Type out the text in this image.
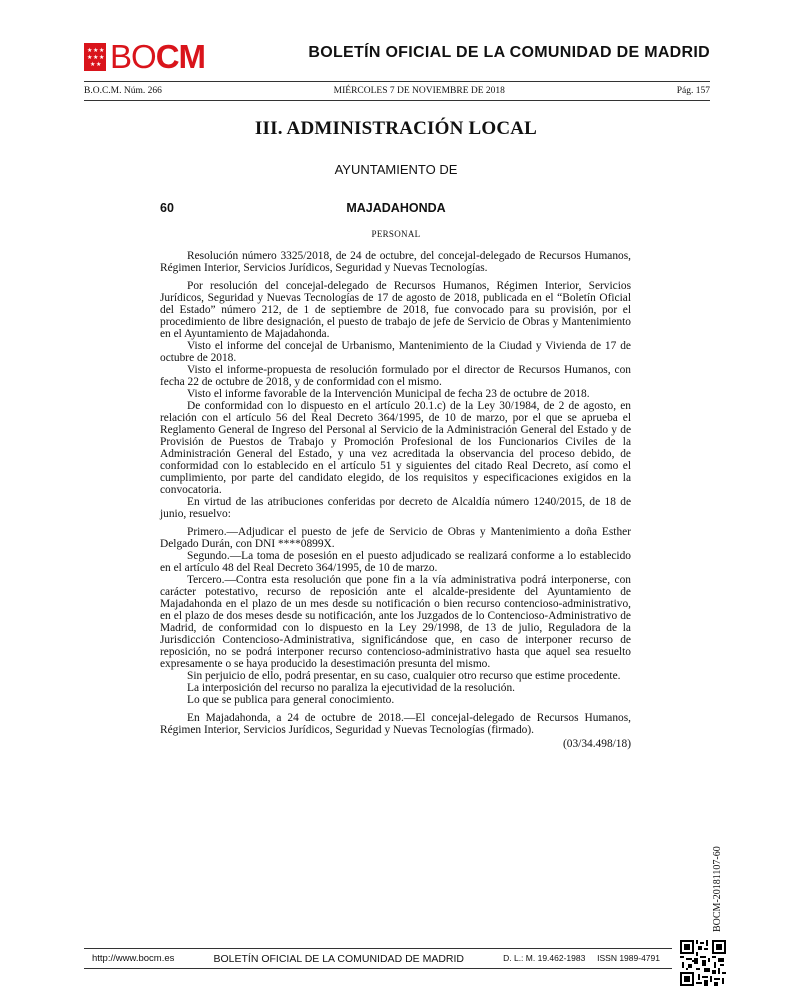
★ ★ ★
★ ★ ★
★ ★ BOCM	BOLETÍN OFICIAL DE LA COMUNIDAD DE MADRID
B.O.C.M. Núm. 266	MIÉRCOLES 7 DE NOVIEMBRE DE 2018	Pág. 157
III. ADMINISTRACIÓN LOCAL
AYUNTAMIENTO DE
60	MAJADAHONDA
PERSONAL

Resolución número 3325/2018, de 24 de octubre, del concejal-delegado de Recursos Humanos, Régimen Interior, Servicios Jurídicos, Seguridad y Nuevas Tecnologías.

Por resolución del concejal-delegado de Recursos Humanos, Régimen Interior, Servicios Jurídicos, Seguridad y Nuevas Tecnologías de 17 de agosto de 2018, publicada en el “Boletín Oficial del Estado” número 212, de 1 de septiembre de 2018, fue convocado para su provisión, por el procedimiento de libre designación, el puesto de trabajo de jefe de Servicio de Obras y Mantenimiento en el Ayuntamiento de Majadahonda.

Visto el informe del concejal de Urbanismo, Mantenimiento de la Ciudad y Vivienda de 17 de octubre de 2018.

Visto el informe-propuesta de resolución formulado por el director de Recursos Humanos, con fecha 22 de octubre de 2018, y de conformidad con el mismo.

Visto el informe favorable de la Intervención Municipal de fecha 23 de octubre de 2018.

De conformidad con lo dispuesto en el artículo 20.1.c) de la Ley 30/1984, de 2 de agosto, en relación con el artículo 56 del Real Decreto 364/1995, de 10 de marzo, por el que se aprueba el Reglamento General de Ingreso del Personal al Servicio de la Administración General del Estado y de Provisión de Puestos de Trabajo y Promoción Profesional de los Funcionarios Civiles de la Administración General del Estado, y una vez acreditada la observancia del proceso debido, de conformidad con lo establecido en el artículo 51 y siguientes del citado Real Decreto, así como el cumplimiento, por parte del candidato elegido, de los requisitos y especificaciones exigidos en la convocatoria.

En virtud de las atribuciones conferidas por decreto de Alcaldía número 1240/2015, de 18 de junio, resuelvo:

Primero.—Adjudicar el puesto de jefe de Servicio de Obras y Mantenimiento a doña Esther Delgado Durán, con DNI ****0899X.

Segundo.—La toma de posesión en el puesto adjudicado se realizará conforme a lo establecido en el artículo 48 del Real Decreto 364/1995, de 10 de marzo.

Tercero.—Contra esta resolución que pone fin a la vía administrativa podrá interponerse, con carácter potestativo, recurso de reposición ante el alcalde-presidente del Ayuntamiento de Majadahonda en el plazo de un mes desde su notificación o bien recurso contencioso-administrativo, en el plazo de dos meses desde su notificación, ante los Juzgados de lo Contencioso-Administrativo de Madrid, de conformidad con lo dispuesto en la Ley 29/1998, de 13 de julio, Reguladora de la Jurisdicción Contencioso-Administrativa, significándose que, en caso de interponer recurso de reposición, no se podrá interponer recurso contencioso-administrativo hasta que aquel sea resuelto expresamente o se haya producido la desestimación presunta del mismo.

Sin perjuicio de ello, podrá presentar, en su caso, cualquier otro recurso que estime procedente.

La interposición del recurso no paraliza la ejecutividad de la resolución.

Lo que se publica para general conocimiento.

En Majadahonda, a 24 de octubre de 2018.—El concejal-delegado de Recursos Humanos, Régimen Interior, Servicios Jurídicos, Seguridad y Nuevas Tecnologías (firmado).

(03/34.498/18)
BOCM-20181107-60
http://www.bocm.es	BOLETÍN OFICIAL DE LA COMUNIDAD DE MADRID	D. L.: M. 19.462-1983     ISSN 1989-4791
